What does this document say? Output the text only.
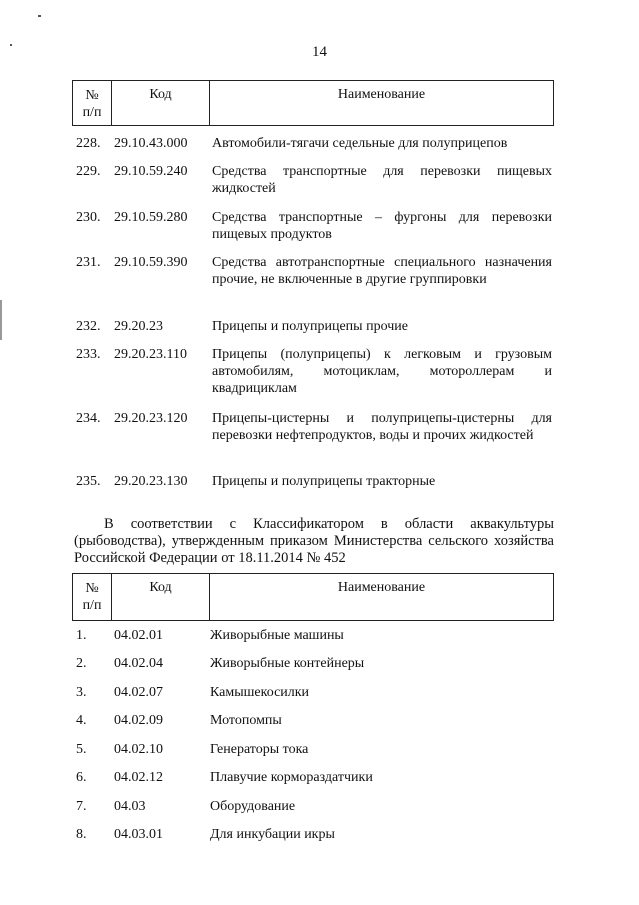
14
№
п/п
Код	Наименование
228. 29.10.43.000 Автомобили-тягачи седельные для полуприцепов
229. 29.10.59.240 Средства транспортные для перевозки пищевых жидкостей
230. 29.10.59.280 Средства транспортные – фургоны для перевозки пищевых продуктов
231. 29.10.59.390 Средства автотранспортные специального назначения прочие, не включенные в другие группировки
232. 29.20.23	Прицепы и полуприцепы прочие
233. 29.20.23.110 Прицепы (полуприцепы) к легковым и грузовым автомобилям, мотоциклам, мотороллерам и квадрициклам
234. 29.20.23.120 Прицепы-цистерны и полуприцепы-цистерны для перевозки нефтепродуктов, воды и прочих жидкостей
235. 29.20.23.130 Прицепы и полуприцепы тракторные
В соответствии с Классификатором в области аквакультуры (рыбоводства), утвержденным приказом Министерства сельского хозяйства Российской Федерации от 18.11.2014 № 452
№
п/п
Код	Наименование
1. 04.02.01	Живорыбные машины
2. 04.02.04	Живорыбные контейнеры
3. 04.02.07	Камышекосилки
4. 04.02.09	Мотопомпы
5. 04.02.10	Генераторы тока
6. 04.02.12	Плавучие кормораздатчики
7. 04.03	Оборудование
8. 04.03.01	Для инкубации икры
